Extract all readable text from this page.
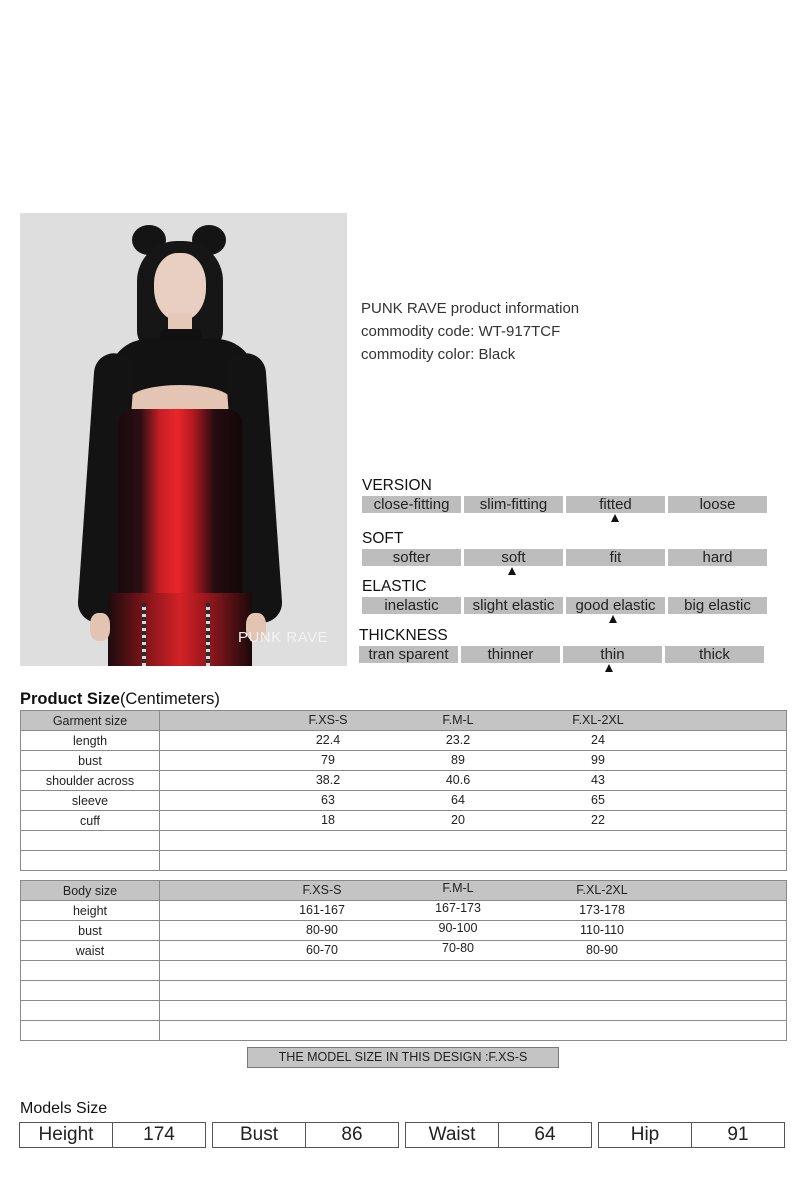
PUNK RAVE
PUNK RAVE product information
commodity code: WT-917TCF
commodity color: Black
VERSION
close-fitting	slim-fitting	fitted	loose
SOFT
softer	soft	fit	hard
ELASTIC
inelastic	slight elastic	good elastic	big elastic
THICKNESS
tran sparent	thinner	thin	thick
Product Size(Centimeters)
Garment size	F.XS-S F.M-L F.XL-2XL

length	22.4 23.2 24

bust	79 89 99

shoulder across	38.2 40.6 43

sleeve	63 64 65

cuff	18 20 22

Body size	F.XS-S F.M-L F.XL-2XL

height	161-167 167-173 173-178

bust	80-90 90-100 110-110

waist	60-70 70-80 80-90

THE MODEL SIZE IN THIS DESIGN :F.XS-S
Models Size
Height	174	Bust	86	Waist	64	Hip	91
